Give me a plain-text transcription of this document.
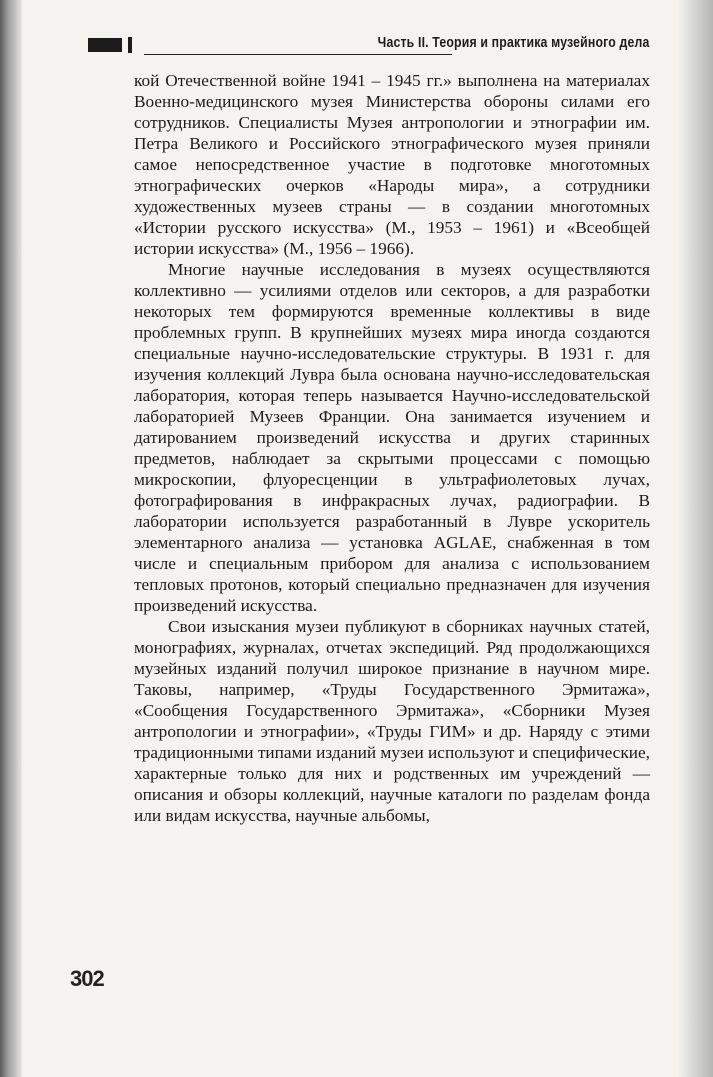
Часть II. Теория и практика музейного дела

кой Отечественной войне 1941 – 1945 гг.» выполнена на материалах Военно-медицинского музея Министерства обороны силами его сотрудников. Специалисты Музея антропологии и этнографии им. Петра Великого и Российского этнографического музея приняли самое непосредственное участие в подготовке многотомных этнографических очерков «Народы мира», а сотрудники художественных музеев страны — в создании многотомных «Истории русского искусства» (М., 1953 – 1961) и «Всеобщей истории искусства» (М., 1956 – 1966).

Многие научные исследования в музеях осуществляются коллективно — усилиями отделов или секторов, а для разработки некоторых тем формируются временные коллективы в виде проблемных групп. В крупнейших музеях мира иногда создаются специальные научно-исследовательские структуры. В 1931 г. для изучения коллекций Лувра была основана научно-исследовательская лаборатория, которая теперь называется Научно-исследовательской лабораторией Музеев Франции. Она занимается изучением и датированием произведений искусства и других старинных предметов, наблюдает за скрытыми процессами с помощью микроскопии, флуоресценции в ультрафиолетовых лучах, фотографирования в инфракрасных лучах, радиографии. В лаборатории используется разработанный в Лувре ускоритель элементарного анализа — установка AGLAE, снабженная в том числе и специальным прибором для анализа с использованием тепловых протонов, который специально предназначен для изучения произведений искусства.

Свои изыскания музеи публикуют в сборниках научных статей, монографиях, журналах, отчетах экспедиций. Ряд продолжающихся музейных изданий получил широкое признание в научном мире. Таковы, например, «Труды Государственного Эрмитажа», «Сообщения Государственного Эрмитажа», «Сборники Музея антропологии и этнографии», «Труды ГИМ» и др. Наряду с этими традиционными типами изданий музеи используют и специфические, характерные только для них и родственных им учреждений — описания и обзоры коллекций, научные каталоги по разделам фонда или видам искусства, научные альбомы,

302
